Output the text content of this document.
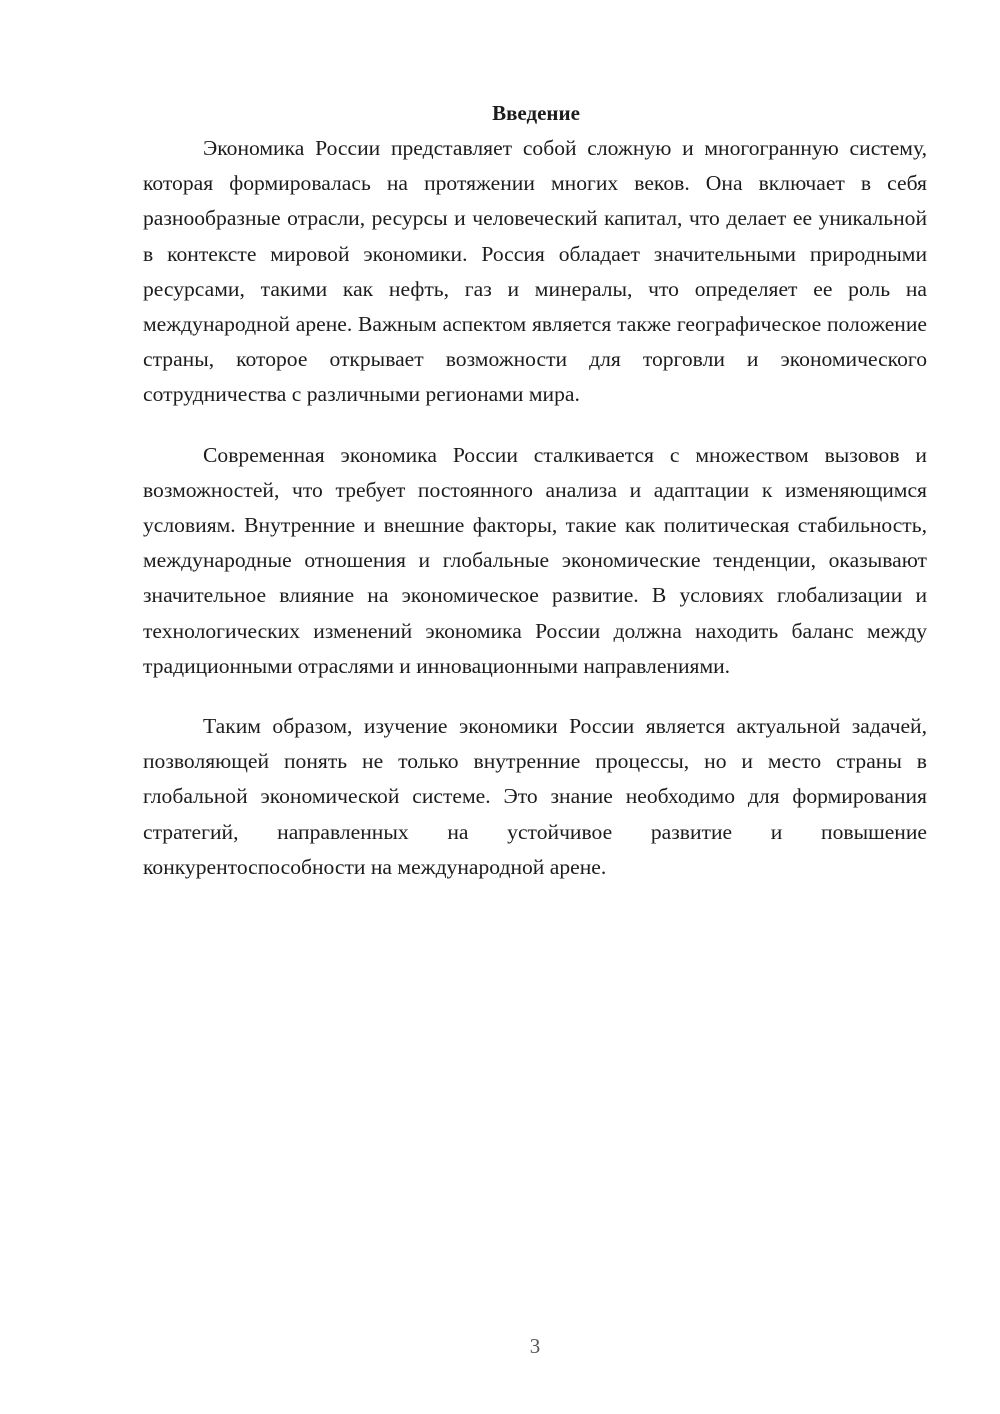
Введение

Экономика России представляет собой сложную и многогранную систему, которая формировалась на протяжении многих веков. Она включает в себя разнообразные отрасли, ресурсы и человеческий капитал, что делает ее уникальной в контексте мировой экономики. Россия обладает значительными природными ресурсами, такими как нефть, газ и минералы, что определяет ее роль на международной арене. Важным аспектом является также географическое положение страны, которое открывает возможности для торговли и экономического сотрудничества с различными регионами мира.

Современная экономика России сталкивается с множеством вызовов и возможностей, что требует постоянного анализа и адаптации к изменяющимся условиям. Внутренние и внешние факторы, такие как политическая стабильность, международные отношения и глобальные экономические тенденции, оказывают значительное влияние на экономическое развитие. В условиях глобализации и технологических изменений экономика России должна находить баланс между традиционными отраслями и инновационными направлениями.

Таким образом, изучение экономики России является актуальной задачей, позволяющей понять не только внутренние процессы, но и место страны в глобальной экономической системе. Это знание необходимо для формирования стратегий, направленных на устойчивое развитие и повышение конкурентоспособности на международной арене.

3
